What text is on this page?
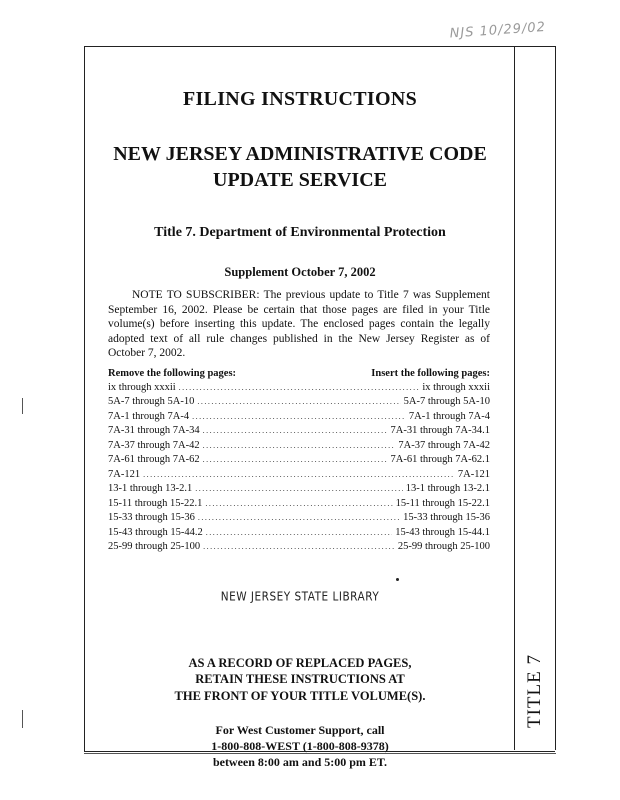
NJS 10/29/02
TITLE 7
FILING INSTRUCTIONS
NEW JERSEY ADMINISTRATIVE CODE
UPDATE SERVICE
Title 7. Department of Environmental Protection
Supplement October 7, 2002

NOTE TO SUBSCRIBER: The previous update to Title 7 was Supplement September 16, 2002. Please be certain that those pages are filed in your Title volume(s) before inserting this update. The enclosed pages contain the legally adopted text of all rule changes published in the New Jersey Register as of October 7, 2002.

Remove the following pages:	Insert the following pages:
ix through xxxii .....	ix through xxxii
5A-7 through 5A-10 .....	5A-7 through 5A-10
7A-1 through 7A-4 .....	7A-1 through 7A-4
7A-31 through 7A-34 .....	7A-31 through 7A-34.1
7A-37 through 7A-42 .....	7A-37 through 7A-42
7A-61 through 7A-62 .....	7A-61 through 7A-62.1
7A-121 .....	7A-121
13-1 through 13-2.1 .....	13-1 through 13-2.1
15-11 through 15-22.1 .....	15-11 through 15-22.1
15-33 through 15-36 .....	15-33 through 15-36
15-43 through 15-44.2 .....	15-43 through 15-44.1
25-99 through 25-100 .....	25-99 through 25-100
NEW JERSEY STATE LIBRARY
AS A RECORD OF REPLACED PAGES,
RETAIN THESE INSTRUCTIONS AT
THE FRONT OF YOUR TITLE VOLUME(S).
For West Customer Support, call
1-800-808-WEST (1-800-808-9378)
between 8:00 am and 5:00 pm ET.
